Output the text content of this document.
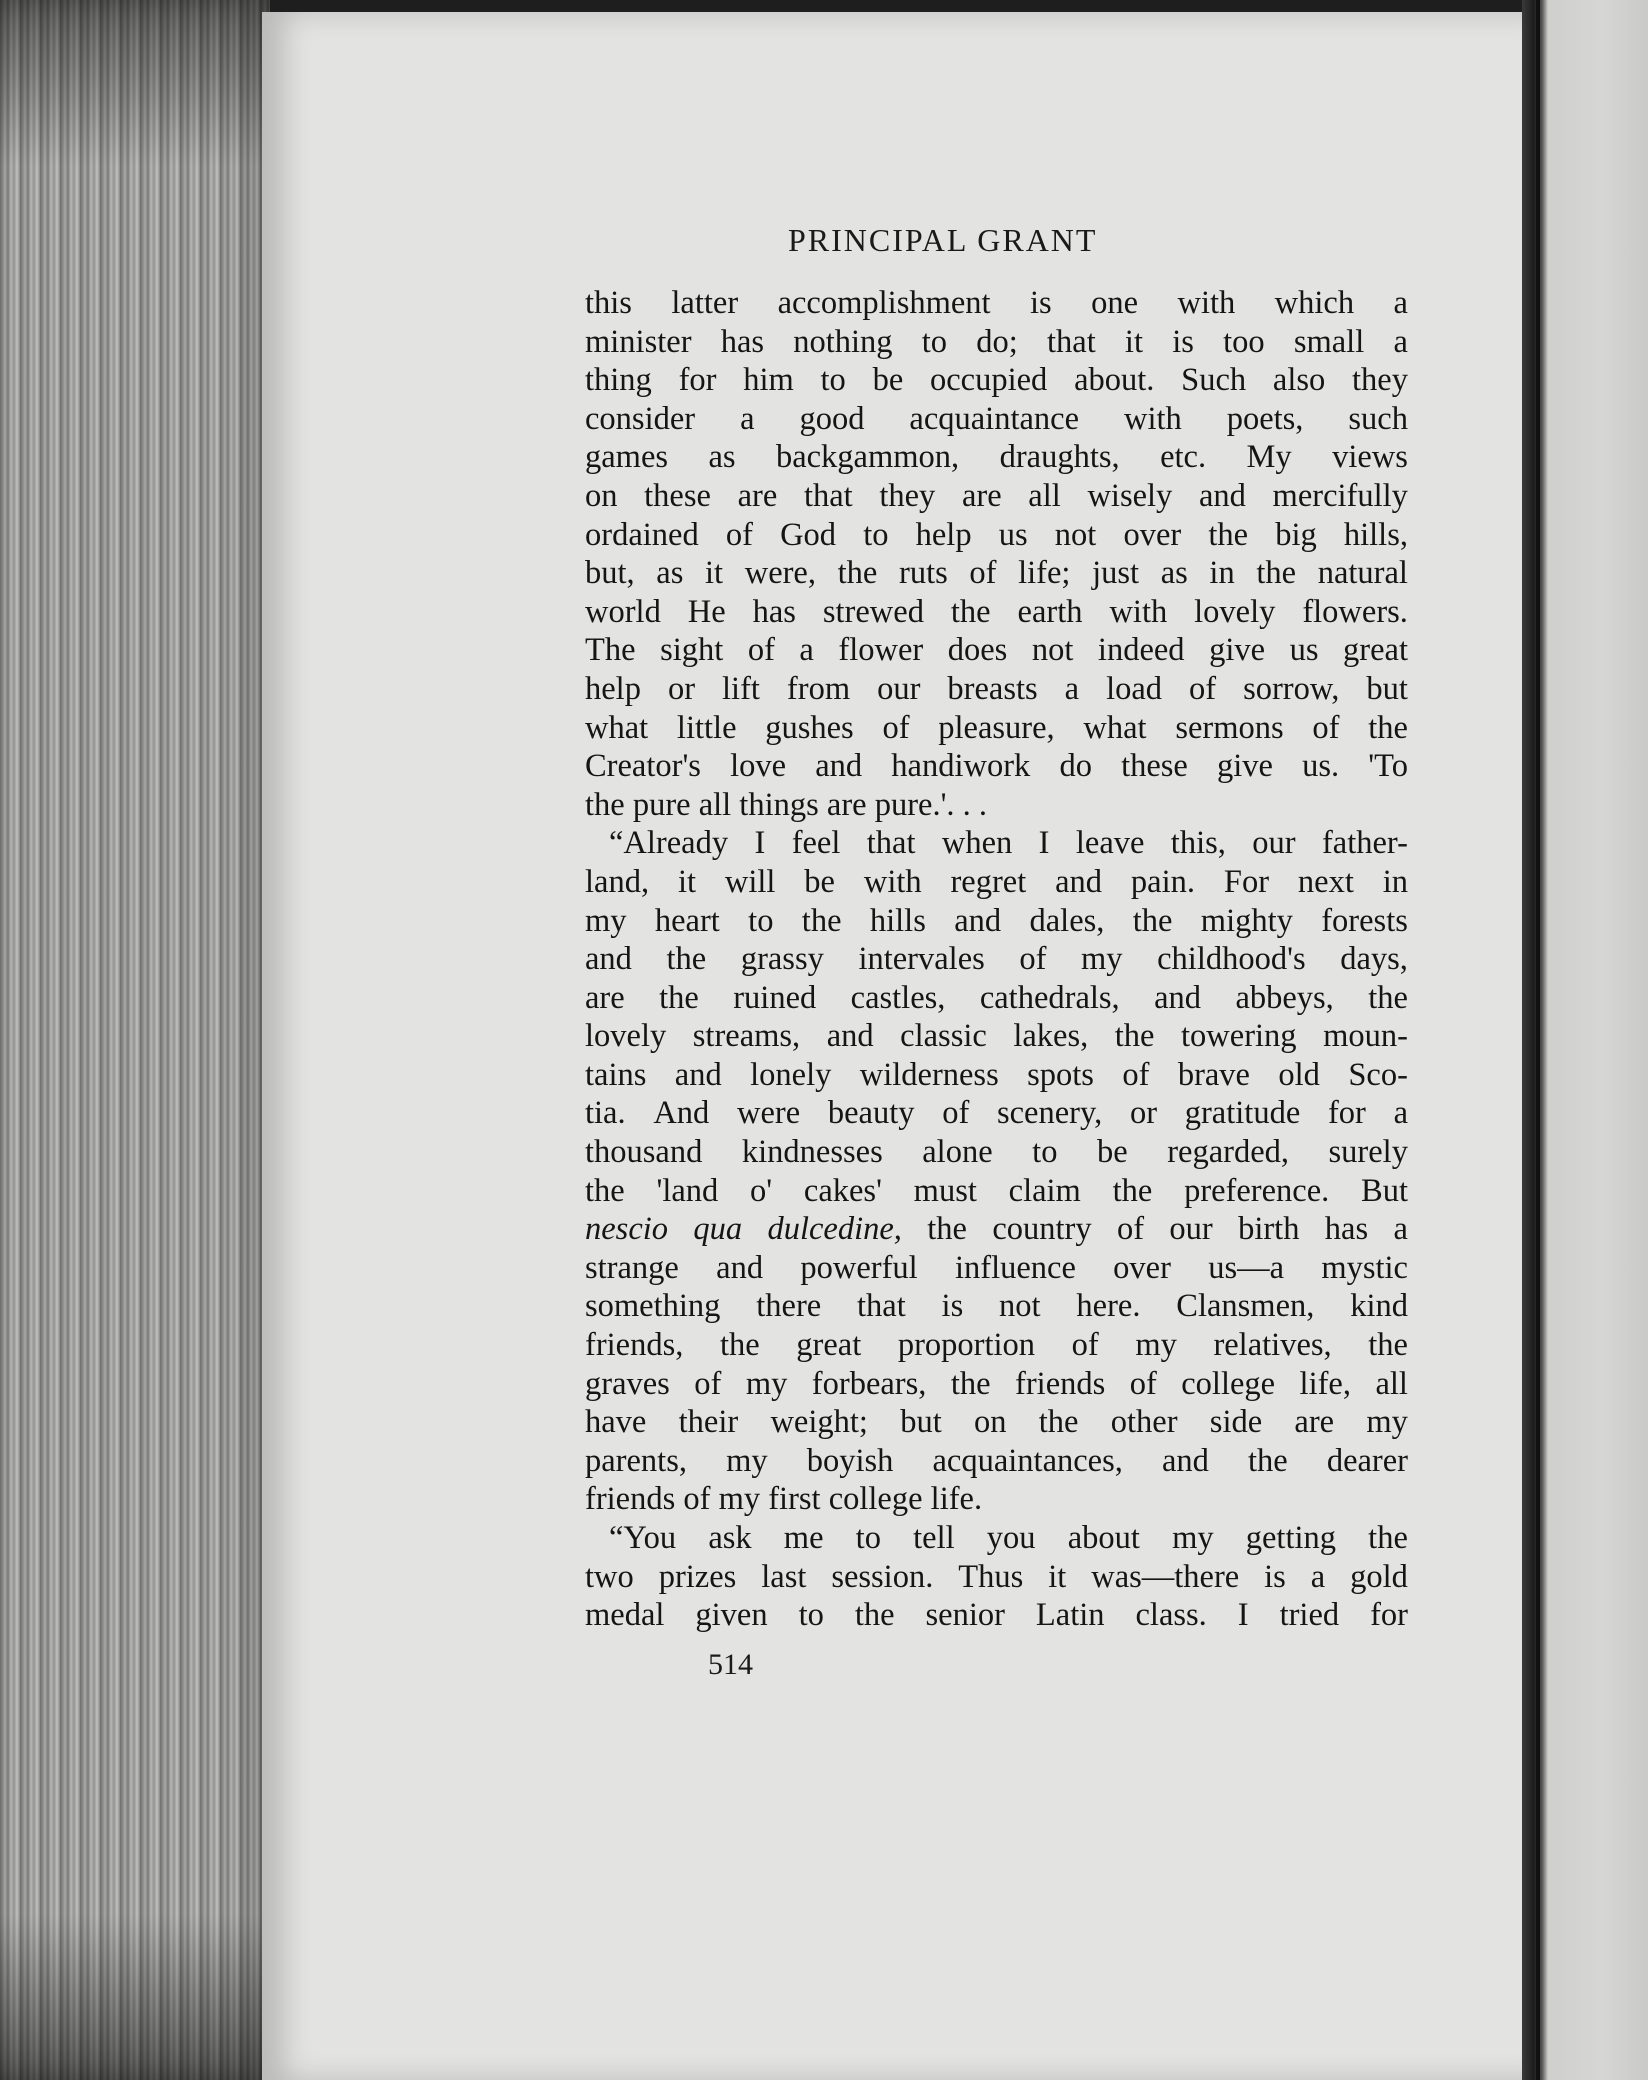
PRINCIPAL GRANT
this latter accomplishment is one with which a
minister has nothing to do; that it is too small a
thing for him to be occupied about. Such also they
consider a good acquaintance with poets, such
games as backgammon, draughts, etc. My views
on these are that they are all wisely and mercifully
ordained of God to help us not over the big hills,
but, as it were, the ruts of life; just as in the natural
world He has strewed the earth with lovely flowers.
The sight of a flower does not indeed give us great
help or lift from our breasts a load of sorrow, but
what little gushes of pleasure, what sermons of the
Creator's love and handiwork do these give us. 'To
the pure all things are pure.'. . .
“Already I feel that when I leave this, our father-
land, it will be with regret and pain. For next in
my heart to the hills and dales, the mighty forests
and the grassy intervales of my childhood's days,
are the ruined castles, cathedrals, and abbeys, the
lovely streams, and classic lakes, the towering moun-
tains and lonely wilderness spots of brave old Sco-
tia. And were beauty of scenery, or gratitude for a
thousand kindnesses alone to be regarded, surely
the 'land o' cakes' must claim the preference. But
nescio qua dulcedine, the country of our birth has a
strange and powerful influence over us—a mystic
something there that is not here. Clansmen, kind
friends, the great proportion of my relatives, the
graves of my forbears, the friends of college life, all
have their weight; but on the other side are my
parents, my boyish acquaintances, and the dearer
friends of my first college life.
“You ask me to tell you about my getting the
two prizes last session. Thus it was—there is a gold
medal given to the senior Latin class. I tried for
514
